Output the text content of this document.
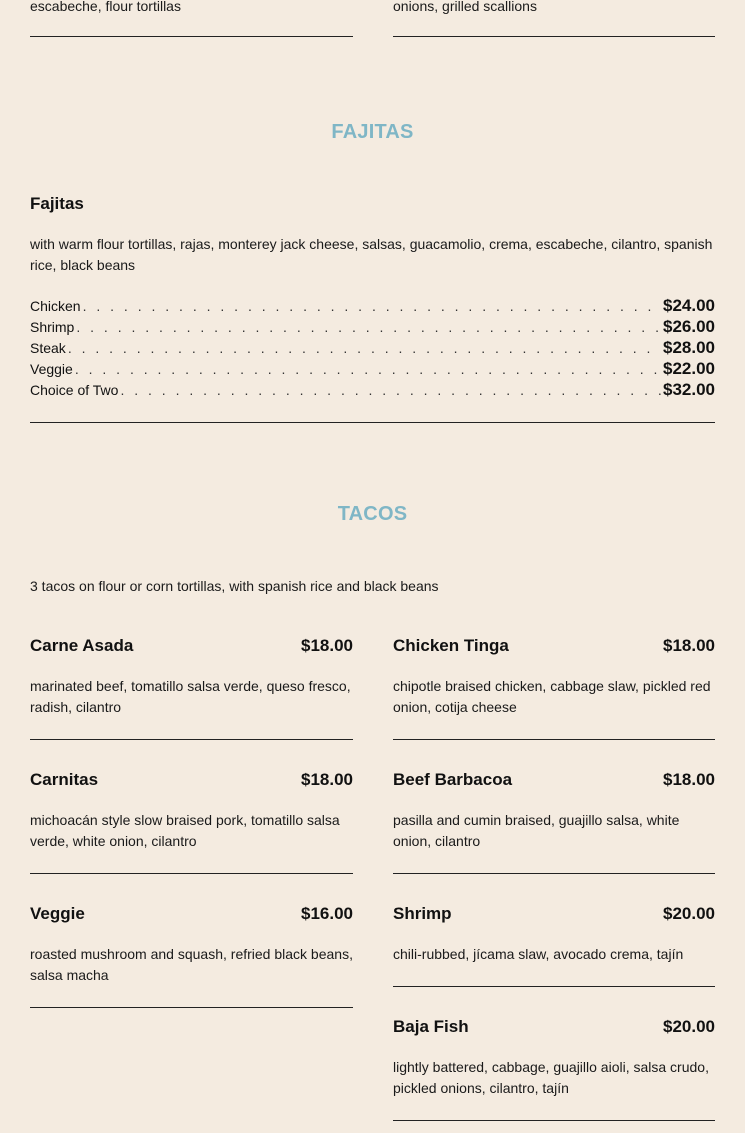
escabeche, flour tortillas	onions, grilled scallions
FAJITAS
Fajitas
with warm flour tortillas, rajas, monterey jack cheese, salsas, guacamolio, crema, escabeche, cilantro, spanish rice, black beans
Chicken . . .	$24.00
Shrimp . . .	$26.00
Steak . . .	$28.00
Veggie . . .	$22.00
Choice of Two . . .	$32.00
TACOS
3 tacos on flour or corn tortillas, with spanish rice and black beans
Carne Asada	$18.00
marinated beef, tomatillo salsa verde, queso fresco, radish, cilantro
Carnitas	$18.00
michoacán style slow braised pork, tomatillo salsa verde, white onion, cilantro
Veggie	$16.00
roasted mushroom and squash, refried black beans, salsa macha
Chicken Tinga	$18.00
chipotle braised chicken, cabbage slaw, pickled red onion, cotija cheese
Beef Barbacoa	$18.00
pasilla and cumin braised, guajillo salsa, white onion, cilantro
Shrimp	$20.00
chili-rubbed, jícama slaw, avocado crema, tajín
Baja Fish	$20.00
lightly battered, cabbage, guajillo aioli, salsa crudo, pickled onions, cilantro, tajín
